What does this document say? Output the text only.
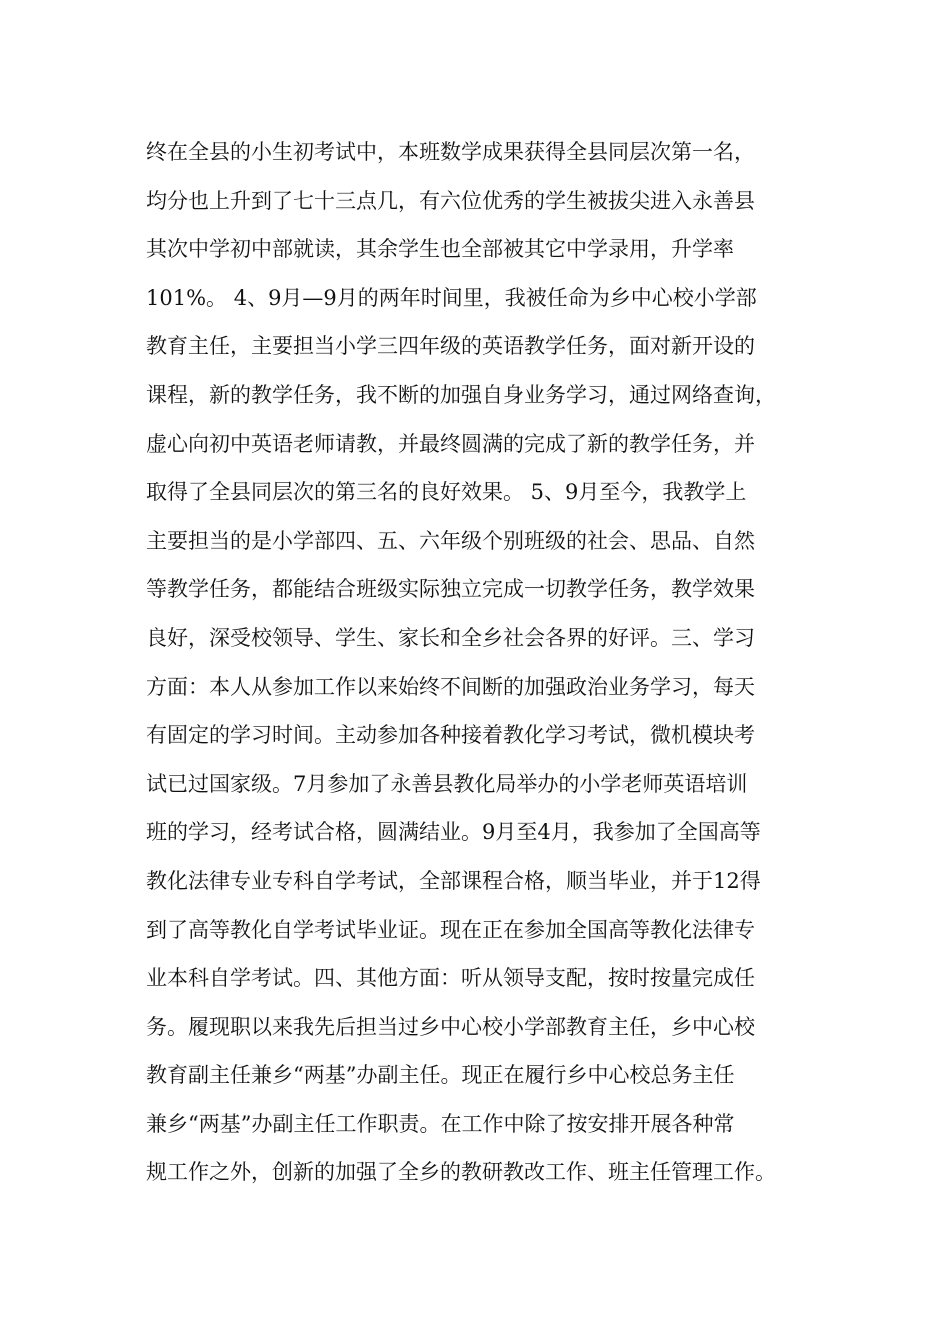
终在全县的小生初考试中，本班数学成果获得全县同层次第一名，
均分也上升到了七十三点几，有六位优秀的学生被拔尖进入永善县
其次中学初中部就读，其余学生也全部被其它中学录用，升学率
101%。 4、9月—9月的两年时间里，我被任命为乡中心校小学部
教育主任，主要担当小学三四年级的英语教学任务，面对新开设的
课程，新的教学任务，我不断的加强自身业务学习，通过网络查询，
虚心向初中英语老师请教，并最终圆满的完成了新的教学任务，并
取得了全县同层次的第三名的良好效果。 5、9月至今，我教学上
主要担当的是小学部四、五、六年级个别班级的社会、思品、自然
等教学任务，都能结合班级实际独立完成一切教学任务，教学效果
良好，深受校领导、学生、家长和全乡社会各界的好评。三、学习
方面：本人从参加工作以来始终不间断的加强政治业务学习，每天
有固定的学习时间。主动参加各种接着教化学习考试，微机模块考
试已过国家级。7月参加了永善县教化局举办的小学老师英语培训
班的学习，经考试合格，圆满结业。9月至4月，我参加了全国高等
教化法律专业专科自学考试，全部课程合格，顺当毕业，并于12得
到了高等教化自学考试毕业证。现在正在参加全国高等教化法律专
业本科自学考试。四、其他方面：听从领导支配，按时按量完成任
务。履现职以来我先后担当过乡中心校小学部教育主任，乡中心校
教育副主任兼乡“两基”办副主任。现正在履行乡中心校总务主任
兼乡“两基”办副主任工作职责。在工作中除了按安排开展各种常
规工作之外，创新的加强了全乡的教研教改工作、班主任管理工作。
